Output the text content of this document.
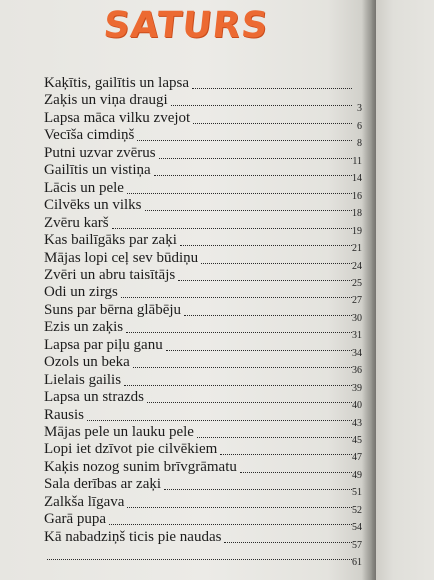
SATURS
Kaķītis, gailītis un lapsa
Zaķis un viņa draugi
3
Lapsa māca vilku zvejot
6
Vecīša cimdiņš
8
Putni uzvar zvērus
11
Gailītis un vistiņa
14
Lācis un pele
16
Cilvēks un vilks
18
Zvēru karš
19
Kas bailīgāks par zaķi
21
Mājas lopi ceļ sev būdiņu
24
Zvēri un abru taisītājs
25
Odi un zirgs
27
Suns par bērna glābēju
30
Ezis un zaķis
31
Lapsa par piļu ganu
34
Ozols un beka
36
Lielais gailis
39
Lapsa un strazds
40
Rausis
43
Mājas pele un lauku pele
45
Lopi iet dzīvot pie cilvēkiem
47
Kaķis nozog sunim brīvgrāmatu
49
Sala derības ar zaķi
51
Zalkša līgava
52
Garā pupa
54
Kā nabadziņš ticis pie naudas
57
61
